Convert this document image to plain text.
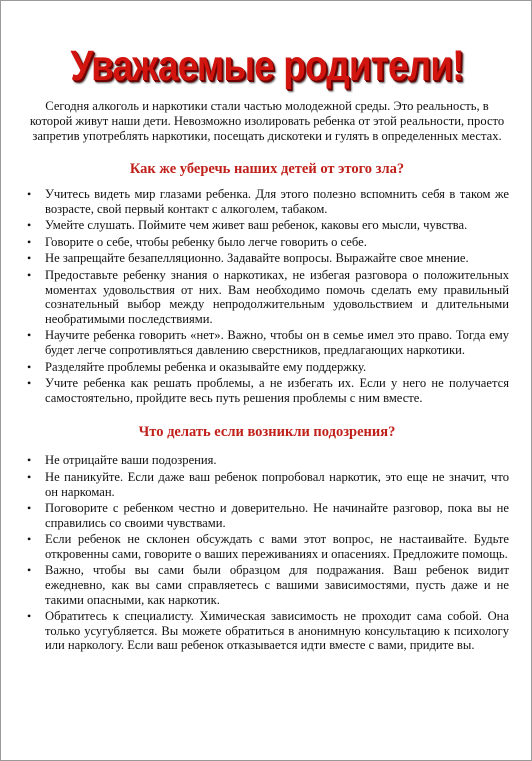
Уважаемые родители!

Сегодня алкоголь и наркотики стали частью молодежной среды. Это реальность, в которой живут наши дети. Невозможно изолировать ребенка от этой реальности, просто запретив употреблять наркотики, посещать дискотеки и гулять в определенных местах.

Как же уберечь наших детей от этого зла?
• Учитесь видеть мир глазами ребенка. Для этого полезно вспомнить себя в таком же возрасте, свой первый контакт с алкоголем, табаком.
• Умейте слушать. Поймите чем живет ваш ребенок, каковы его мысли, чувства.
• Говорите о себе, чтобы ребенку было легче говорить о себе.
• Не запрещайте безапелляционно. Задавайте вопросы. Выражайте свое мнение.
• Предоставьте ребенку знания о наркотиках, не избегая разговора о положительных моментах удовольствия от них. Вам необходимо помочь сделать ему правильный сознательный выбор между непродолжительным удовольствием и длительными необратимыми последствиями.
• Научите ребенка говорить «нет». Важно, чтобы он в семье имел это право. Тогда ему будет легче сопротивляться давлению сверстников, предлагающих наркотики.
• Разделяйте проблемы ребенка и оказывайте ему поддержку.
• Учите ребенка как решать проблемы, а не избегать их. Если у него не получается самостоятельно, пройдите весь путь решения проблемы с ним вместе.
Что делать если возникли подозрения?
• Не отрицайте ваши подозрения.
• Не паникуйте. Если даже ваш ребенок попробовал наркотик, это еще не значит, что он наркоман.
• Поговорите с ребенком честно и доверительно. Не начинайте разговор, пока вы не справились со своими чувствами.
• Если ребенок не склонен обсуждать с вами этот вопрос, не настаивайте. Будьте откровенны сами, говорите о ваших переживаниях и опасениях. Предложите помощь.
• Важно, чтобы вы сами были образцом для подражания. Ваш ребенок видит ежедневно, как вы сами справляетесь с вашими зависимостями, пусть даже и не такими опасными, как наркотик.
• Обратитесь к специалисту. Химическая зависимость не проходит сама собой. Она только усугубляется. Вы можете обратиться в анонимную консультацию к психологу или наркологу. Если ваш ребенок отказывается идти вместе с вами, придите вы.
